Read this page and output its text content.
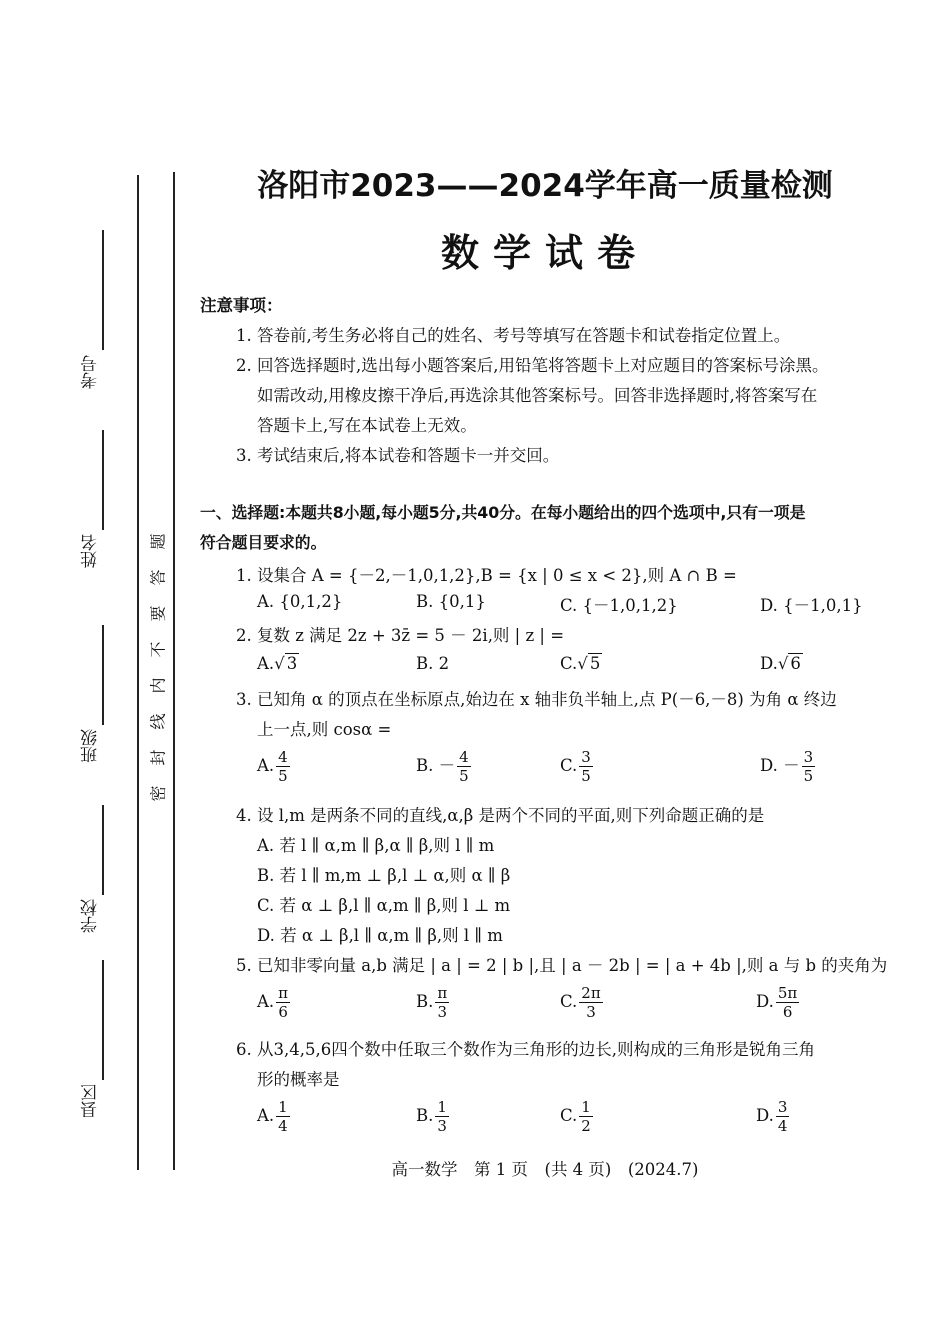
考号
姓名
班级
学校
县区
题
答
要
不
内
线
封
密
洛阳市2023——2024学年高一质量检测
数学试卷
注意事项：
1. 答卷前,考生务必将自己的姓名、考号等填写在答题卡和试卷指定位置上。
2. 回答选择题时,选出每小题答案后,用铅笔将答题卡上对应题目的答案标号涂黑。
如需改动,用橡皮擦干净后,再选涂其他答案标号。回答非选择题时,将答案写在
答题卡上,写在本试卷上无效。
3. 考试结束后,将本试卷和答题卡一并交回。
一、选择题:本题共8小题,每小题5分,共40分。在每小题给出的四个选项中,只有一项是
符合题目要求的。
1. 设集合 A = {－2,－1,0,1,2},B = {x | 0 ≤ x < 2},则 A ∩ B =
A. {0,1,2}	B. {0,1}	C. {－1,0,1,2}	D. {－1,0,1}
2. 复数 z 满足 2z + 3z̄ = 5 － 2i,则 | z | =
A.√ 3	B. 2	C.√ 5	D.√ 6
3. 已知角 α 的顶点在坐标原点,始边在 x 轴非负半轴上,点 P(－6,－8) 为角 α 终边
上一点,则 cosα =
A. $\frac{4}{5}$	B. － $\frac{4}{5}$	C. $\frac{3}{5}$	D. － $\frac{3}{5}$
4. 设 l,m 是两条不同的直线,α,β 是两个不同的平面,则下列命题正确的是
A. 若 l ∥ α,m ∥ β,α ∥ β,则 l ∥ m
B. 若 l ∥ m,m ⊥ β,l ⊥ α,则 α ∥ β
C. 若 α ⊥ β,l ∥ α,m ∥ β,则 l ⊥ m
D. 若 α ⊥ β,l ∥ α,m ∥ β,则 l ∥ m
5. 已知非零向量 a,b 满足 | a | = 2 | b |,且 | a － 2b | = | a + 4b |,则 a 与 b 的夹角为
A. $\frac{\pi}{6}$	B. $\frac{\pi}{3}$	C. $\frac{2\pi}{3}$	D. $\frac{5\pi}{6}$
6. 从3,4,5,6四个数中任取三个数作为三角形的边长,则构成的三角形是锐角三角
形的概率是
A. $\frac{1}{4}$	B. $\frac{1}{3}$	C. $\frac{1}{2}$	D. $\frac{3}{4}$
高一数学　第 1 页　(共 4 页)　(2024.7)
